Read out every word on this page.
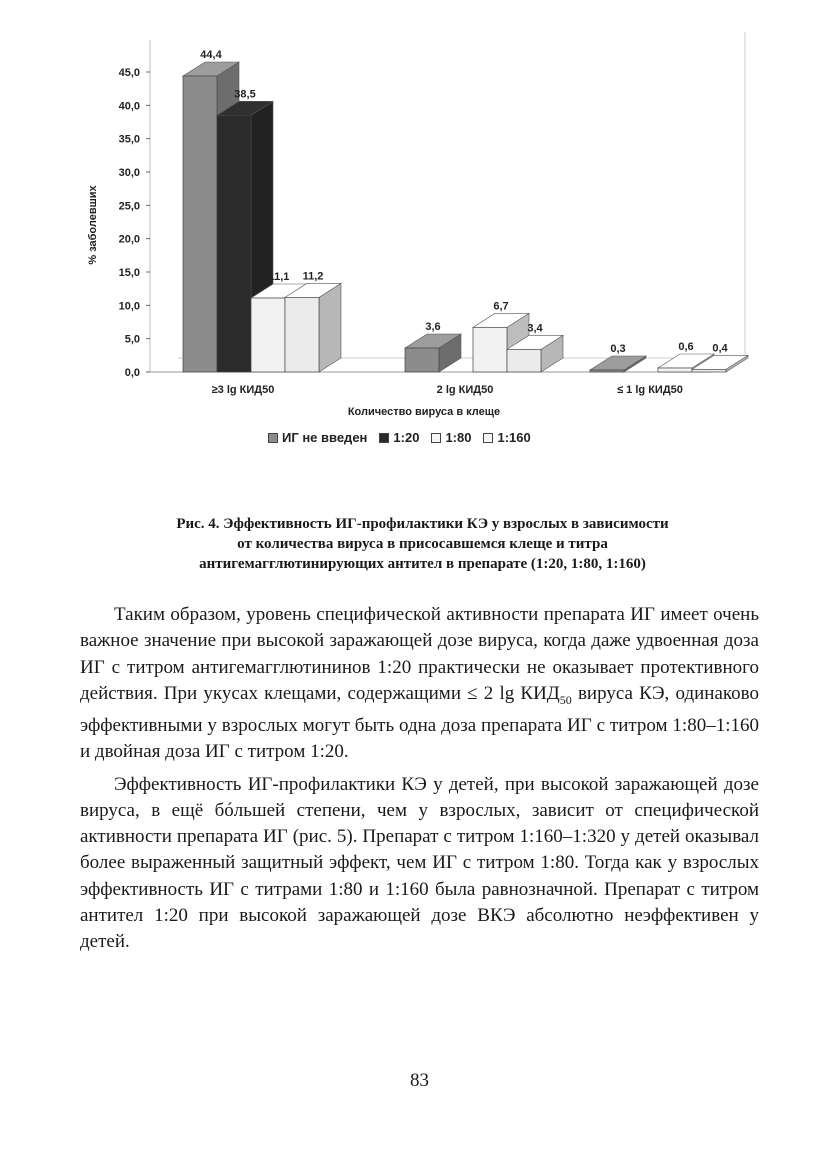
0,0
5,0
10,0
15,0
20,0
25,0
30,0
35,0
40,0
45,0
44,4
38,5
11,1 11,2
3,6
6,7
3,4
0,3	0,6 0,4
≥3 lg КИД50	2 lg КИД50	≤ 1 lg КИД50
% заболевших
Количество вируса в клеще
ИГ не введен 1:20 1:80 1:160
Рис. 4. Эффективность ИГ-профилактики КЭ у взрослых в зависимости
от количества вируса в присосавшемся клеще и титра
антигемагглютинирующих антител в препарате (1:20, 1:80, 1:160)

Таким образом, уровень специфической активности препарата ИГ имеет очень важное значение при высокой заражающей дозе вируса, когда даже удвоенная доза ИГ с титром антигемагглютининов 1:20 практически не оказывает протективного действия. При укусах клещами, содержащими ≤ 2 $\lg КИД_{50}$ вируса КЭ, одинаково эффективными у взрослых могут быть одна доза препарата ИГ с титром 1:80–1:160 и двойная доза ИГ с титром 1:20.

Эффективность ИГ-профилактики КЭ у детей, при высокой заражающей дозе вируса, в ещё бóльшей степени, чем у взрослых, зависит от специфической активности препарата ИГ (рис. 5). Препарат с титром 1:160–1:320 у детей оказывал более выраженный защитный эффект, чем ИГ с титром 1:80. Тогда как у взрослых эффективность ИГ с титрами 1:80 и 1:160 была равнозначной. Препарат с титром антител 1:20 при высокой заражающей дозе ВКЭ абсолютно неэффективен у детей.

83
